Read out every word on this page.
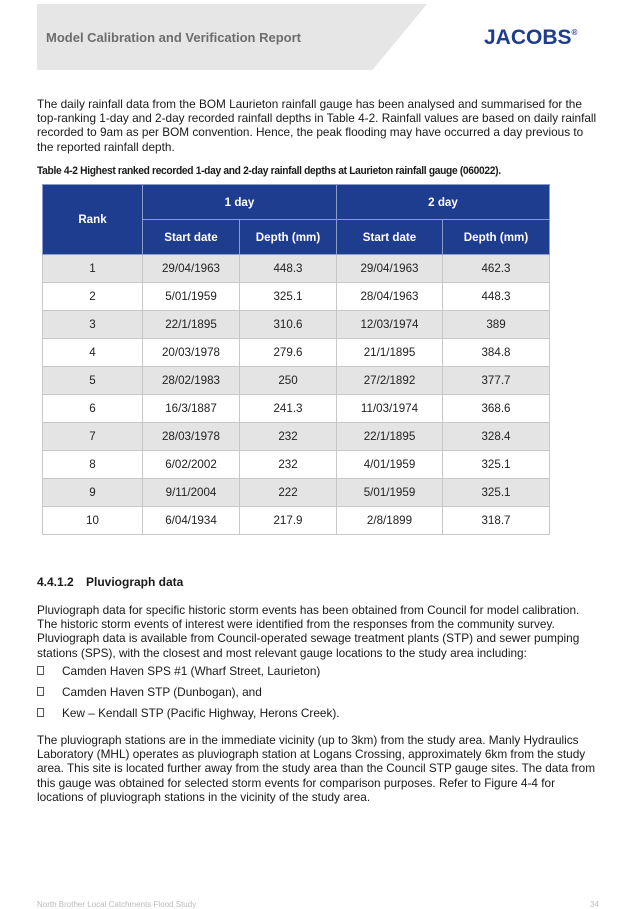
Model Calibration and Verification Report	JACOBS®

The daily rainfall data from the BOM Laurieton rainfall gauge has been analysed and summarised for the top-ranking 1-day and 2-day recorded rainfall depths in Table 4-2. Rainfall values are based on daily rainfall recorded to 9am as per BOM convention. Hence, the peak flooding may have occurred a day previous to the reported rainfall depth.

Table 4-2 Highest ranked recorded 1-day and 2-day rainfall depths at Laurieton rainfall gauge (060022).
Rank	1 day		2 day	
	Start date	Depth (mm)	Start date	Depth (mm)
1	29/04/1963	448.3	29/04/1963	462.3
2	5/01/1959	325.1	28/04/1963	448.3
3	22/1/1895	310.6	12/03/1974	389
4	20/03/1978	279.6	21/1/1895	384.8
5	28/02/1983	250	27/2/1892	377.7
6	16/3/1887	241.3	11/03/1974	368.6
7	28/03/1978	232	22/1/1895	328.4
8	6/02/2002	232	4/01/1959	325.1
9	9/11/2004	222	5/01/1959	325.1
10	6/04/1934	217.9	2/8/1899	318.7
4.4.1.2 Pluviograph data

Pluviograph data for specific historic storm events has been obtained from Council for model calibration. The historic storm events of interest were identified from the responses from the community survey. Pluviograph data is available from Council-operated sewage treatment plants (STP) and sewer pumping stations (SPS), with the closest and most relevant gauge locations to the study area including:

Camden Haven SPS #1 (Wharf Street, Laurieton)
Camden Haven STP (Dunbogan), and
Kew – Kendall STP (Pacific Highway, Herons Creek).

The pluviograph stations are in the immediate vicinity (up to 3km) from the study area. Manly Hydraulics Laboratory (MHL) operates as pluviograph station at Logans Crossing, approximately 6km from the study area. This site is located further away from the study area than the Council STP gauge sites. The data from this gauge was obtained for selected storm events for comparison purposes. Refer to Figure 4-4 for locations of pluviograph stations in the vicinity of the study area.

North Brother Local Catchments Flood Study	34
